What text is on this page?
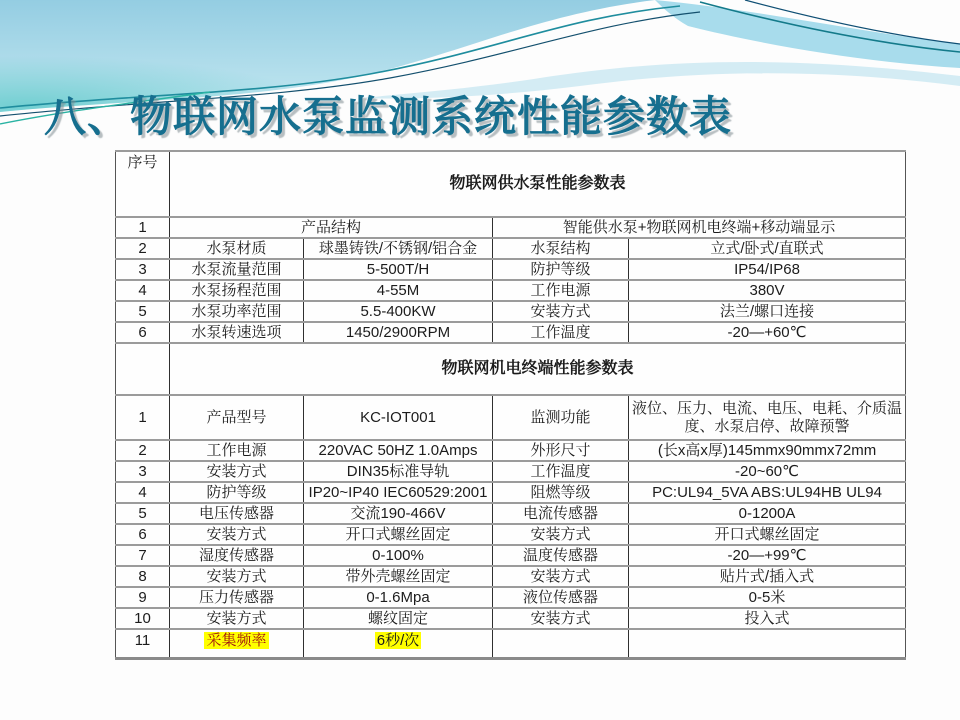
八、物联网水泵监测系统性能参数表
序号	物联网供水泵性能参数表			
1	产品结构		智能供水泵+物联网机电终端+移动端显示	
2	水泵材质	球墨铸铁/不锈钢/铝合金	水泵结构	立式/卧式/直联式
3	水泵流量范围	5-500T/H	防护等级	IP54/IP68
4	水泵扬程范围	4-55M	工作电源	380V
5	水泵功率范围	5.5-400KW	安装方式	法兰/螺口连接
6	水泵转速选项	1450/2900RPM	工作温度	-20—+60℃
	物联网机电终端性能参数表			
1	产品型号	KC-IOT001	监测功能	液位、压力、电流、电压、电耗、介质温度、水泵启停、故障预警
2	工作电源	220VAC 50HZ 1.0Amps	外形尺寸	(长x高x厚)145mmx90mmx72mm
3	安装方式	DIN35标准导轨	工作温度	-20~60℃
4	防护等级	IP20~IP40 IEC60529:2001	阻燃等级	PC:UL94_5VA ABS:UL94HB UL94
5	电压传感器	交流190-466V	电流传感器	0-1200A
6	安装方式	开口式螺丝固定	安装方式	开口式螺丝固定
7	湿度传感器	0-100%	温度传感器	-20—+99℃
8	安装方式	带外壳螺丝固定	安装方式	贴片式/插入式
9	压力传感器	0-1.6Mpa	液位传感器	0-5米
10	安装方式	螺纹固定	安装方式	投入式
11	采集频率	6秒/次		
